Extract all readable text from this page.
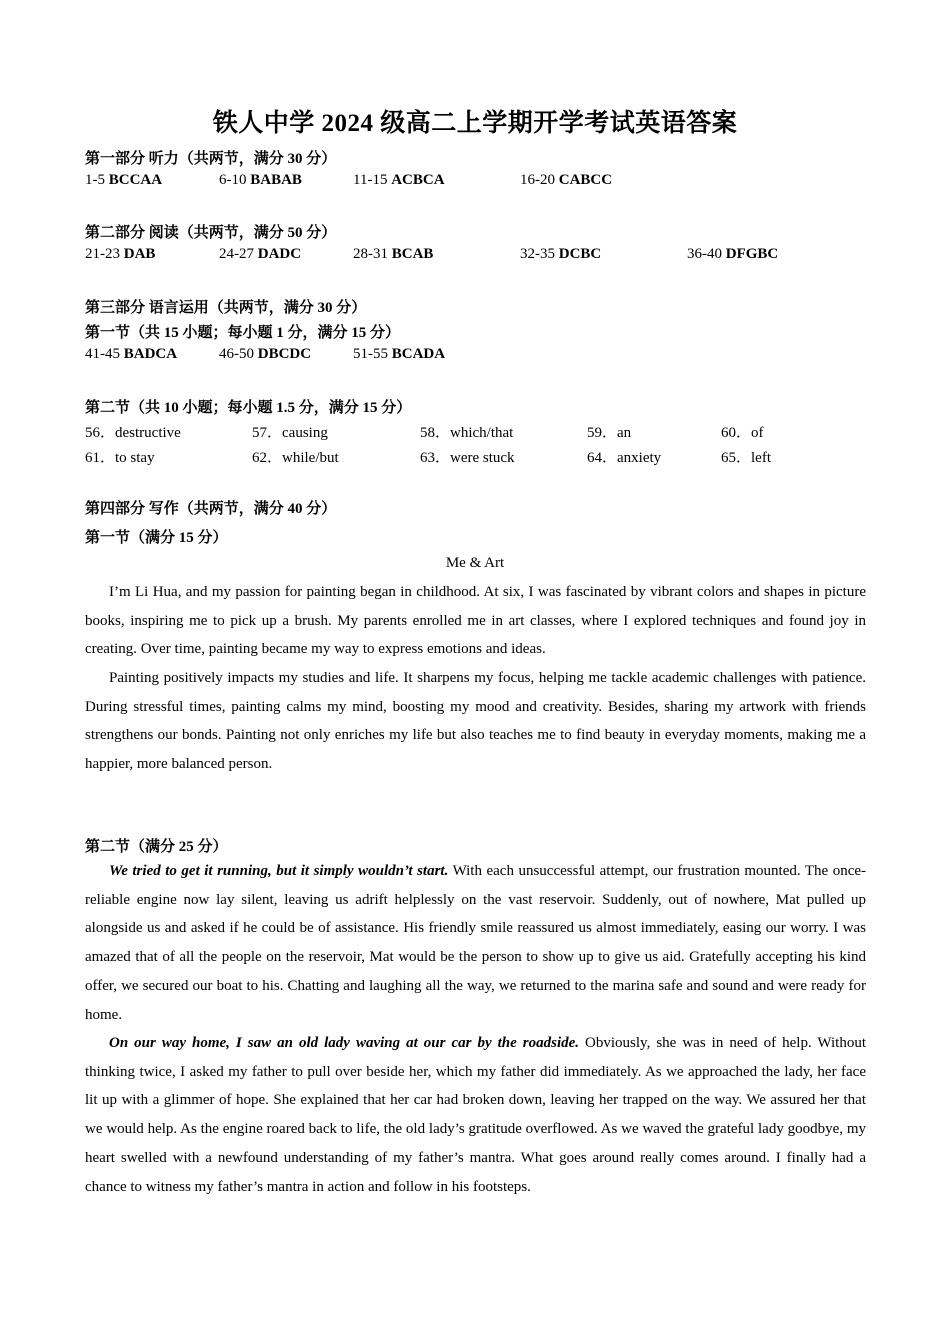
铁人中学 2024 级高二上学期开学考试英语答案
第一部分 听力（共两节，满分 30 分）
1-5 BCCAA	6-10 BABAB	11-15 ACBCA	16-20 CABCC
第二部分 阅读（共两节，满分 50 分）
21-23 DAB	24-27 DADC	28-31 BCAB	32-35 DCBC	36-40 DFGBC
第三部分 语言运用（共两节，满分 30 分）
第一节（共 15 小题；每小题 1 分，满分 15 分）
41-45 BADCA	46-50 DBCDC	51-55 BCADA
第二节（共 10 小题；每小题 1.5 分，满分 15 分）
56．destructive	57．causing	58．which/that	59．an	60．of
61．to stay	62．while/but	63．were stuck	64．anxiety	65．left
第四部分 写作（共两节，满分 40 分）
第一节（满分 15 分）
Me & Art

I’m Li Hua, and my passion for painting began in childhood. At six, I was fascinated by vibrant colors and shapes in picture books, inspiring me to pick up a brush. My parents enrolled me in art classes, where I explored techniques and found joy in creating. Over time, painting became my way to express emotions and ideas.

Painting positively impacts my studies and life. It sharpens my focus, helping me tackle academic challenges with patience. During stressful times, painting calms my mind, boosting my mood and creativity. Besides, sharing my artwork with friends strengthens our bonds. Painting not only enriches my life but also teaches me to find beauty in everyday moments, making me a happier, more balanced person.

第二节（满分 25 分）

We tried to get it running, but it simply wouldn’t start. With each unsuccessful attempt, our frustration mounted. The once-reliable engine now lay silent, leaving us adrift helplessly on the vast reservoir. Suddenly, out of nowhere, Mat pulled up alongside us and asked if he could be of assistance. His friendly smile reassured us almost immediately, easing our worry. I was amazed that of all the people on the reservoir, Mat would be the person to show up to give us aid. Gratefully accepting his kind offer, we secured our boat to his. Chatting and laughing all the way, we returned to the marina safe and sound and were ready for home.

On our way home, I saw an old lady waving at our car by the roadside. Obviously, she was in need of help. Without thinking twice, I asked my father to pull over beside her, which my father did immediately. As we approached the lady, her face lit up with a glimmer of hope. She explained that her car had broken down, leaving her trapped on the way. We assured her that we would help. As the engine roared back to life, the old lady’s gratitude overflowed. As we waved the grateful lady goodbye, my heart swelled with a newfound understanding of my father’s mantra. What goes around really comes around. I finally had a chance to witness my father’s mantra in action and follow in his footsteps.
